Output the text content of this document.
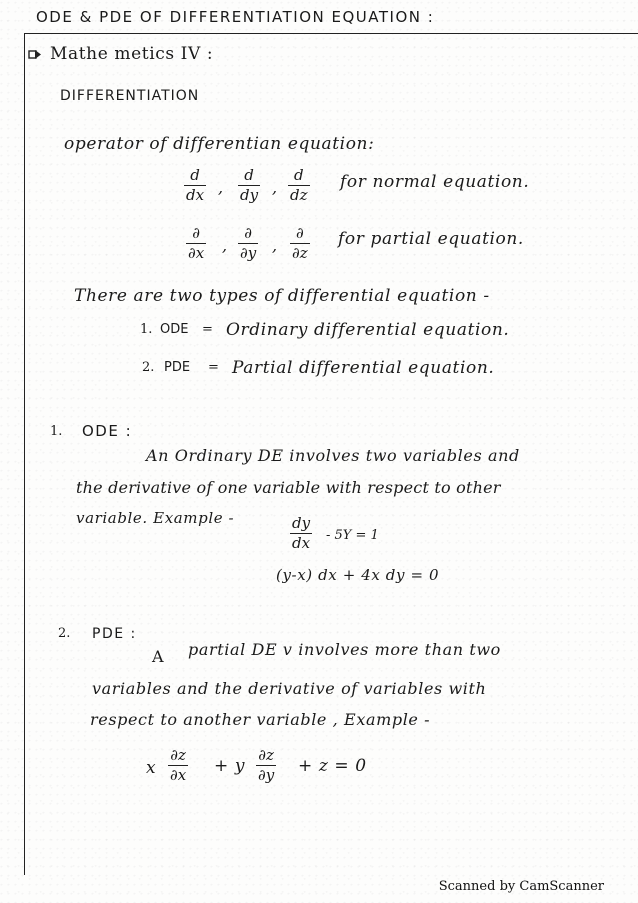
ODE & PDE OF DIFFERENTIATION EQUATION :
Mathe metics IV :
DIFFERENTIATION
operator of differentian equation:
d
dx ,
d
dy ,
d
dz
for normal equation.
∂
∂x ,
∂
∂y ,
∂
∂z
for partial equation.
There are two types of differential equation -
1. ODE = Ordinary differential equation.
2. PDE = Partial differential equation.
1. ODE :
An Ordinary DE involves two variables and
the derivative of one variable with respect to other
variable. Example -	dy
dx - 5Y = 1
(y-x) dx + 4x dy = 0
2. PDE :
A partial DE v involves more than two
variables and the derivative of variables with
respect to another variable , Example -
x
∂z
∂x + y
∂z
∂y + z = 0
Scanned by CamScanner
